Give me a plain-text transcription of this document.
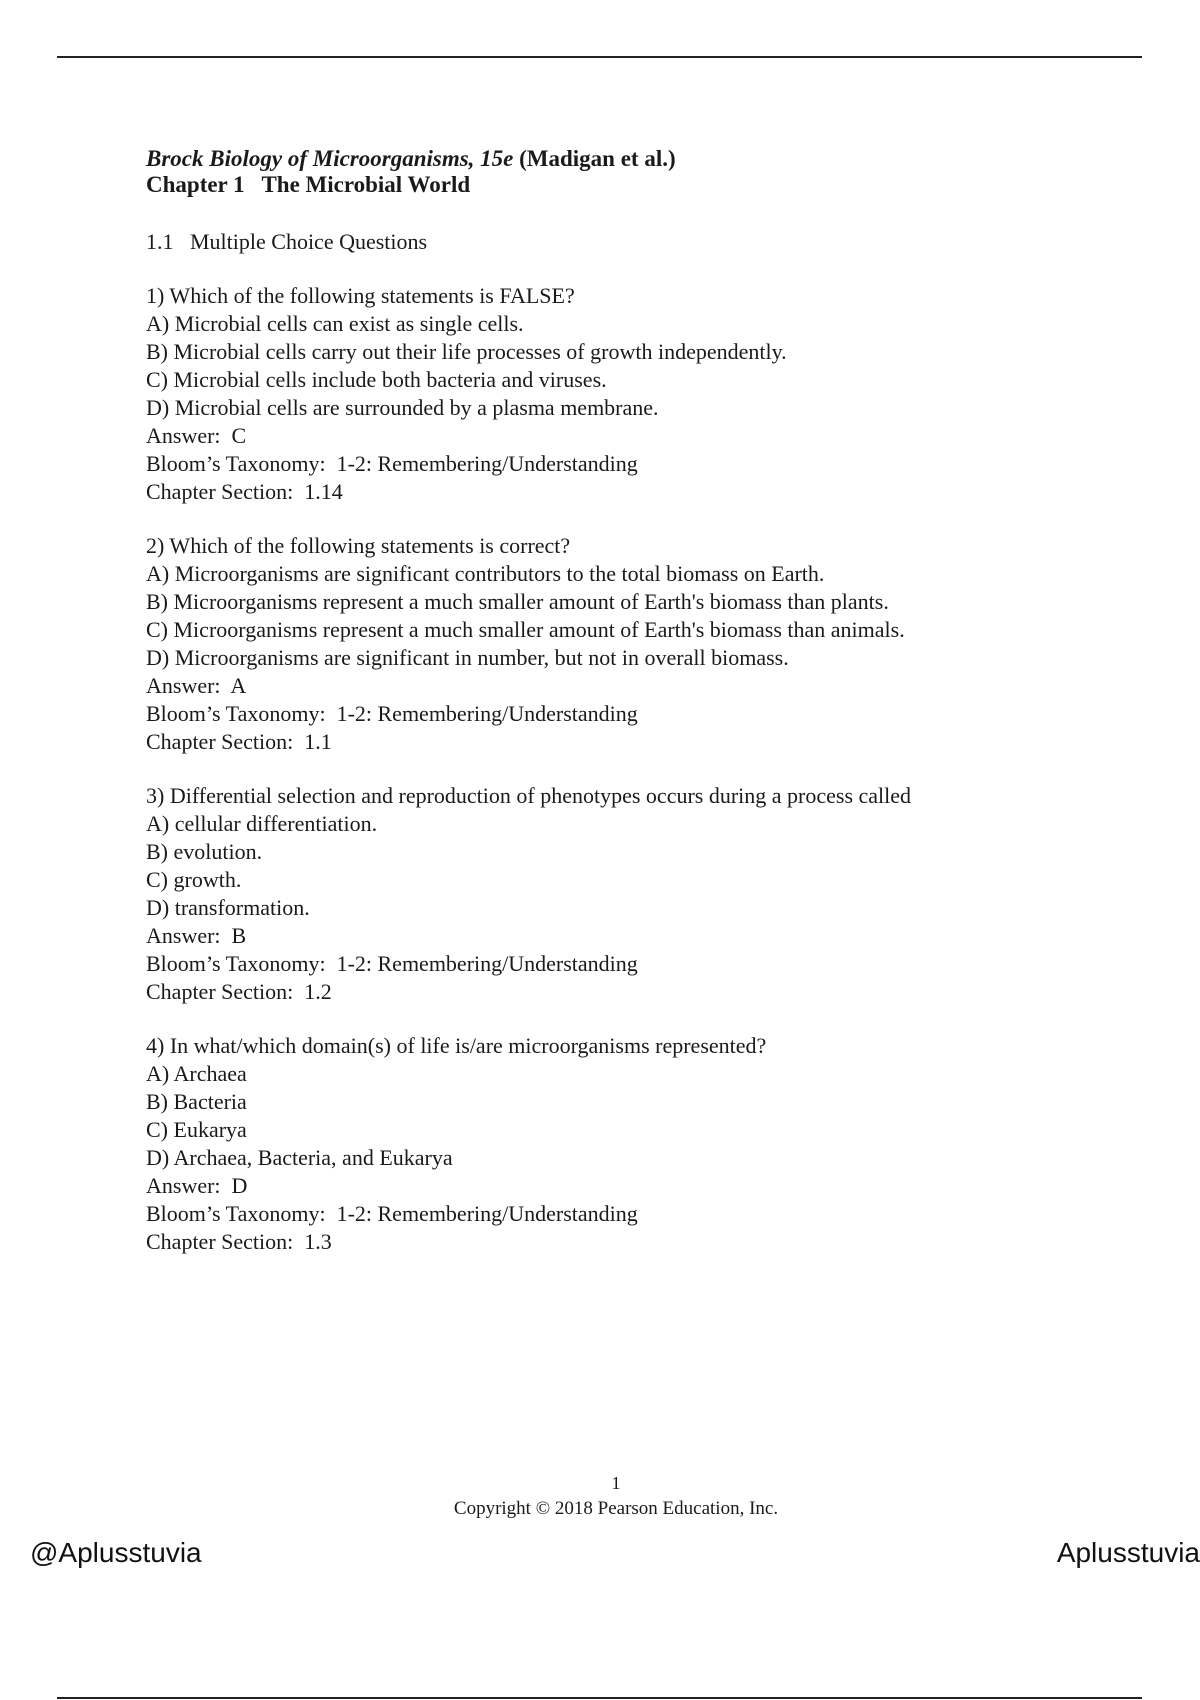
Brock Biology of Microorganisms, 15e (Madigan et al.)

Chapter 1   The Microbial World

1.1   Multiple Choice Questions

1) Which of the following statements is FALSE?
A) Microbial cells can exist as single cells.
B) Microbial cells carry out their life processes of growth independently.
C) Microbial cells include both bacteria and viruses.
D) Microbial cells are surrounded by a plasma membrane.
Answer:  C
Bloom’s Taxonomy:  1-2: Remembering/Understanding
Chapter Section:  1.14
2) Which of the following statements is correct?
A) Microorganisms are significant contributors to the total biomass on Earth.
B) Microorganisms represent a much smaller amount of Earth's biomass than plants.
C) Microorganisms represent a much smaller amount of Earth's biomass than animals.
D) Microorganisms are significant in number, but not in overall biomass.
Answer:  A
Bloom’s Taxonomy:  1-2: Remembering/Understanding
Chapter Section:  1.1
3) Differential selection and reproduction of phenotypes occurs during a process called
A) cellular differentiation.
B) evolution.
C) growth.
D) transformation.
Answer:  B
Bloom’s Taxonomy:  1-2: Remembering/Understanding
Chapter Section:  1.2
4) In what/which domain(s) of life is/are microorganisms represented?
A) Archaea
B) Bacteria
C) Eukarya
D) Archaea, Bacteria, and Eukarya
Answer:  D
Bloom’s Taxonomy:  1-2: Remembering/Understanding
Chapter Section:  1.3
1
Copyright © 2018 Pearson Education, Inc.
@Aplusstuvia	Aplusstuvia
